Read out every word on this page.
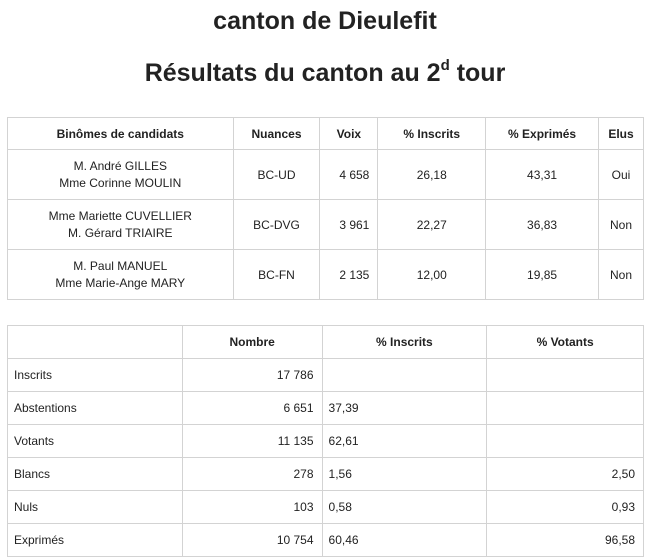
canton de Dieulefit
Résultats du canton au 2$^d$ tour
Binômes de candidats	Nuances	Voix	% Inscrits	% Exprimés	Elus

M. André GILLES
Mme Corinne MOULIN	BC-UD	4 658	26,18	43,31	Oui

Mme Mariette CUVELLIER
M. Gérard TRIAIRE	BC-DVG	3 961	22,27	36,83	Non

M. Paul MANUEL
Mme Marie-Ange MARY	BC-FN	2 135	12,00	19,85	Non
	Nombre	% Inscrits	% Votants
Inscrits	17 786		
Abstentions	6 651	37,39	
Votants	11 135	62,61	
Blancs	278	1,56	2,50
Nuls	103	0,58	0,93
Exprimés	10 754	60,46	96,58
